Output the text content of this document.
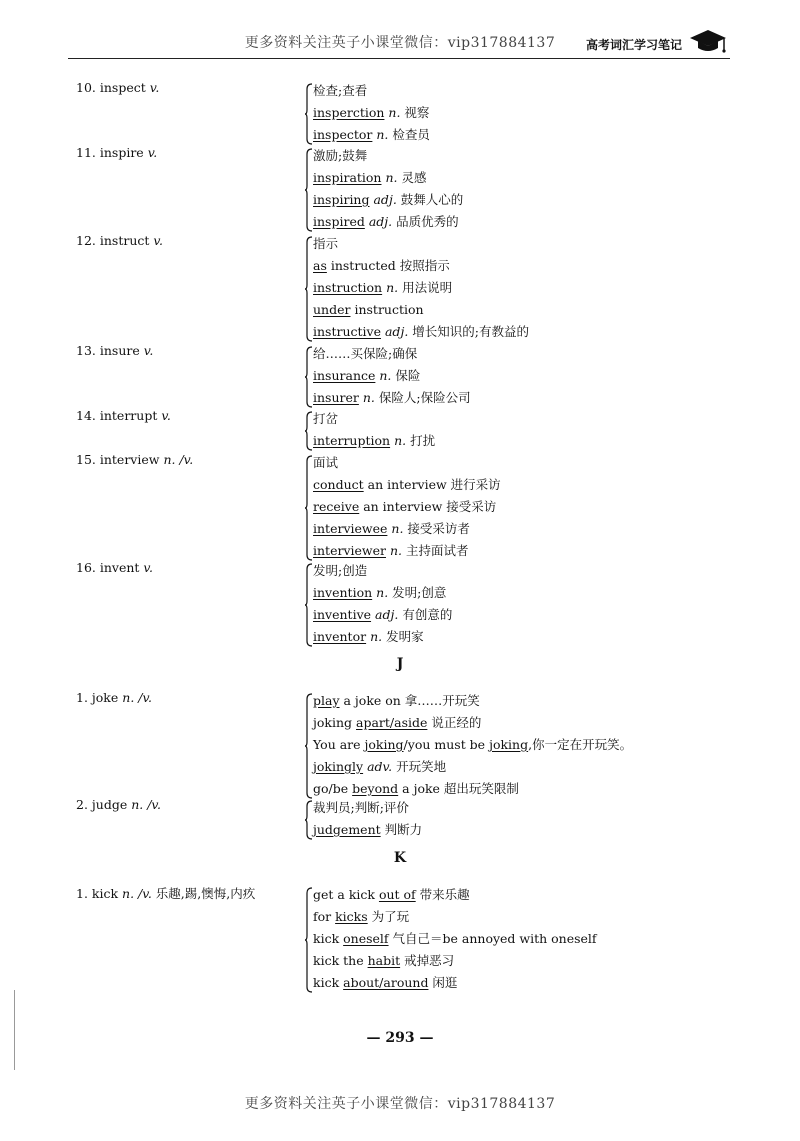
更多资料关注英子小课堂微信：vip317884137	高考词汇学习笔记
10. inspect v.	检查;查看
insperction n. 视察
inspector n. 检查员
11. inspire v.	激励;鼓舞
inspiration n. 灵感
inspiring adj. 鼓舞人心的
inspired adj. 品质优秀的
12. instruct v.	指示
as instructed 按照指示
instruction n. 用法说明
under instruction
instructive adj. 增长知识的;有教益的
13. insure v.	给……买保险;确保
insurance n. 保险
insurer n. 保险人;保险公司
14. interrupt v.	打岔
interruption n. 打扰
15. interview n. /v.	面试
conduct an interview 进行采访
receive an interview 接受采访
interviewee n. 接受采访者
interviewer n. 主持面试者
16. invent v.	发明;创造
invention n. 发明;创意
inventive adj. 有创意的
inventor n. 发明家
J
1. joke n. /v.	play a joke on 拿……开玩笑
joking apart/aside 说正经的
You are joking/you must be joking,你一定在开玩笑。
jokingly adv. 开玩笑地
go/be beyond a joke 超出玩笑限制
2. judge n. /v.	裁判员;判断;评价
judgement 判断力
K
1. kick n. /v. 乐趣,踢,懊悔,内疚	get a kick out of 带来乐趣
for kicks 为了玩
kick oneself 气自己＝be annoyed with oneself
kick the habit 戒掉恶习
kick about/around 闲逛
— 293 —
更多资料关注英子小课堂微信：vip317884137
